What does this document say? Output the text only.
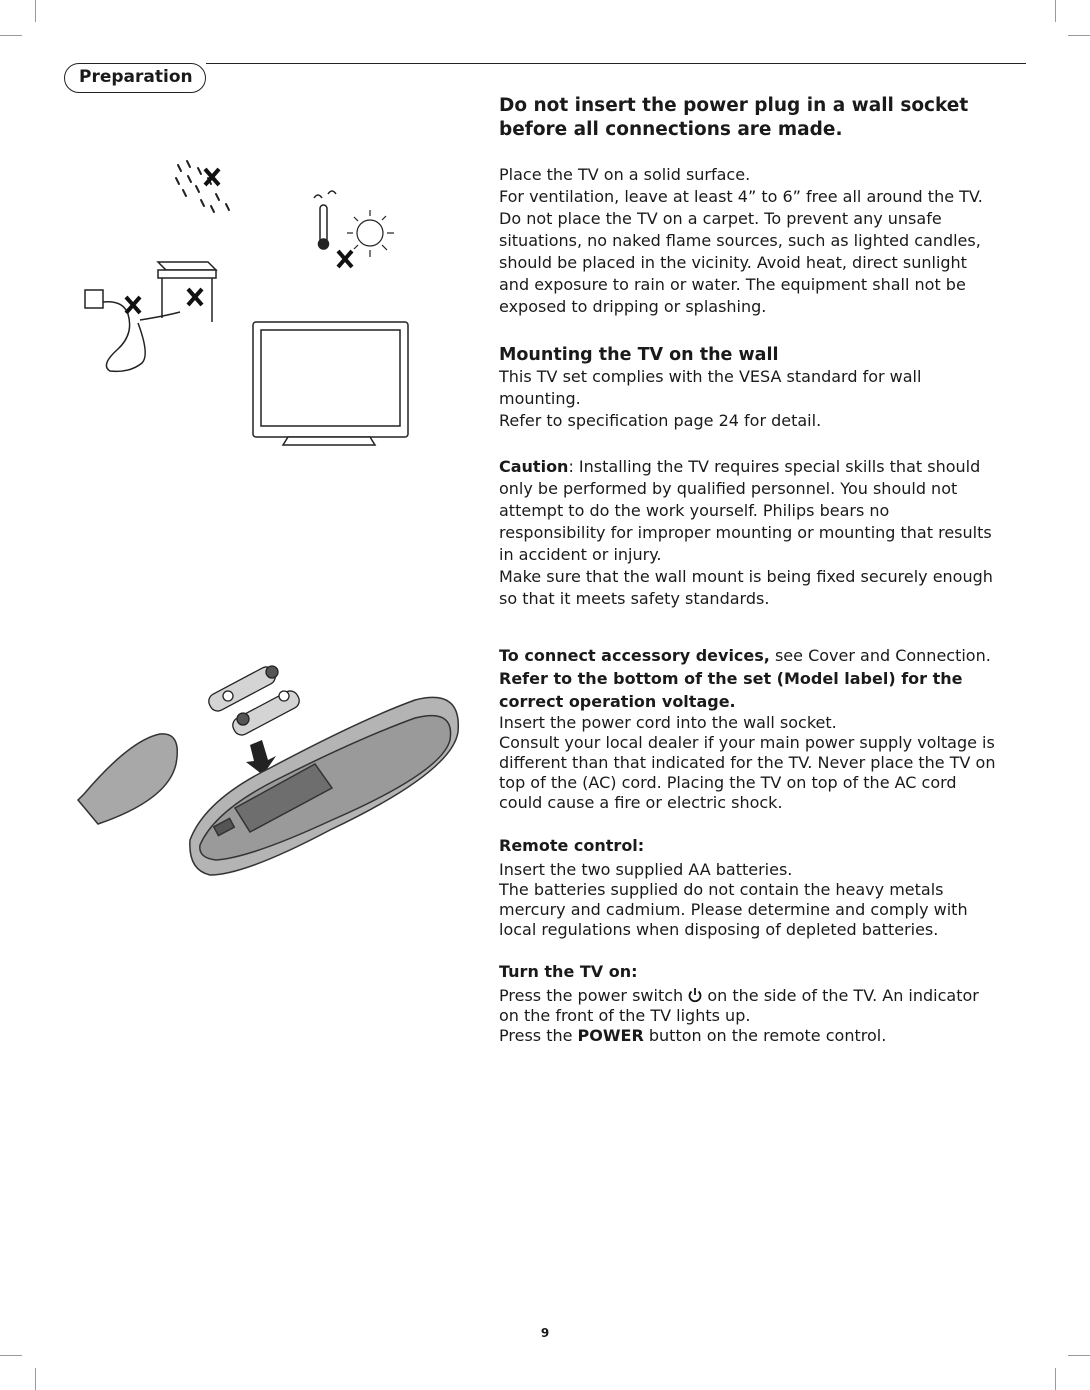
Preparation

Do not insert the power plug in a wall socket before all connections are made.

Place the TV on a solid surface.

For ventilation, leave at least 4” to 6” free all around the TV.

Do not place the TV on a carpet. To prevent any unsafe situations, no naked flame sources, such as lighted candles, should be placed in the vicinity. Avoid heat, direct sunlight and exposure to rain or water. The equipment shall not be exposed to dripping or splashing.

Mounting the TV on the wall

This TV set complies with the VESA standard for wall mounting.

Refer to specification page 24 for detail.

Caution: Installing the TV requires special skills that should only be performed by qualified personnel. You should not attempt to do the work yourself. Philips bears no responsibility for improper mounting or mounting that results in accident or injury.

Make sure that the wall mount is being fixed securely enough so that it meets safety standards.

To connect accessory devices, see Cover and Connection.

Refer to the bottom of the set (Model label) for the correct operation voltage.

Insert the power cord into the wall socket.

Consult your local dealer if your main power supply voltage is different than that indicated for the TV. Never place the TV on top of the (AC) cord. Placing the TV on top of the AC cord could cause a fire or electric shock.

Remote control:

Insert the two supplied AA batteries.

The batteries supplied do not contain the heavy metals mercury and cadmium. Please determine and comply with local regulations when disposing of depleted batteries.

Turn the TV on:

Press the power switch  on the side of the TV. An indicator on the front of the TV lights up.

Press the POWER button on the remote control.

9
